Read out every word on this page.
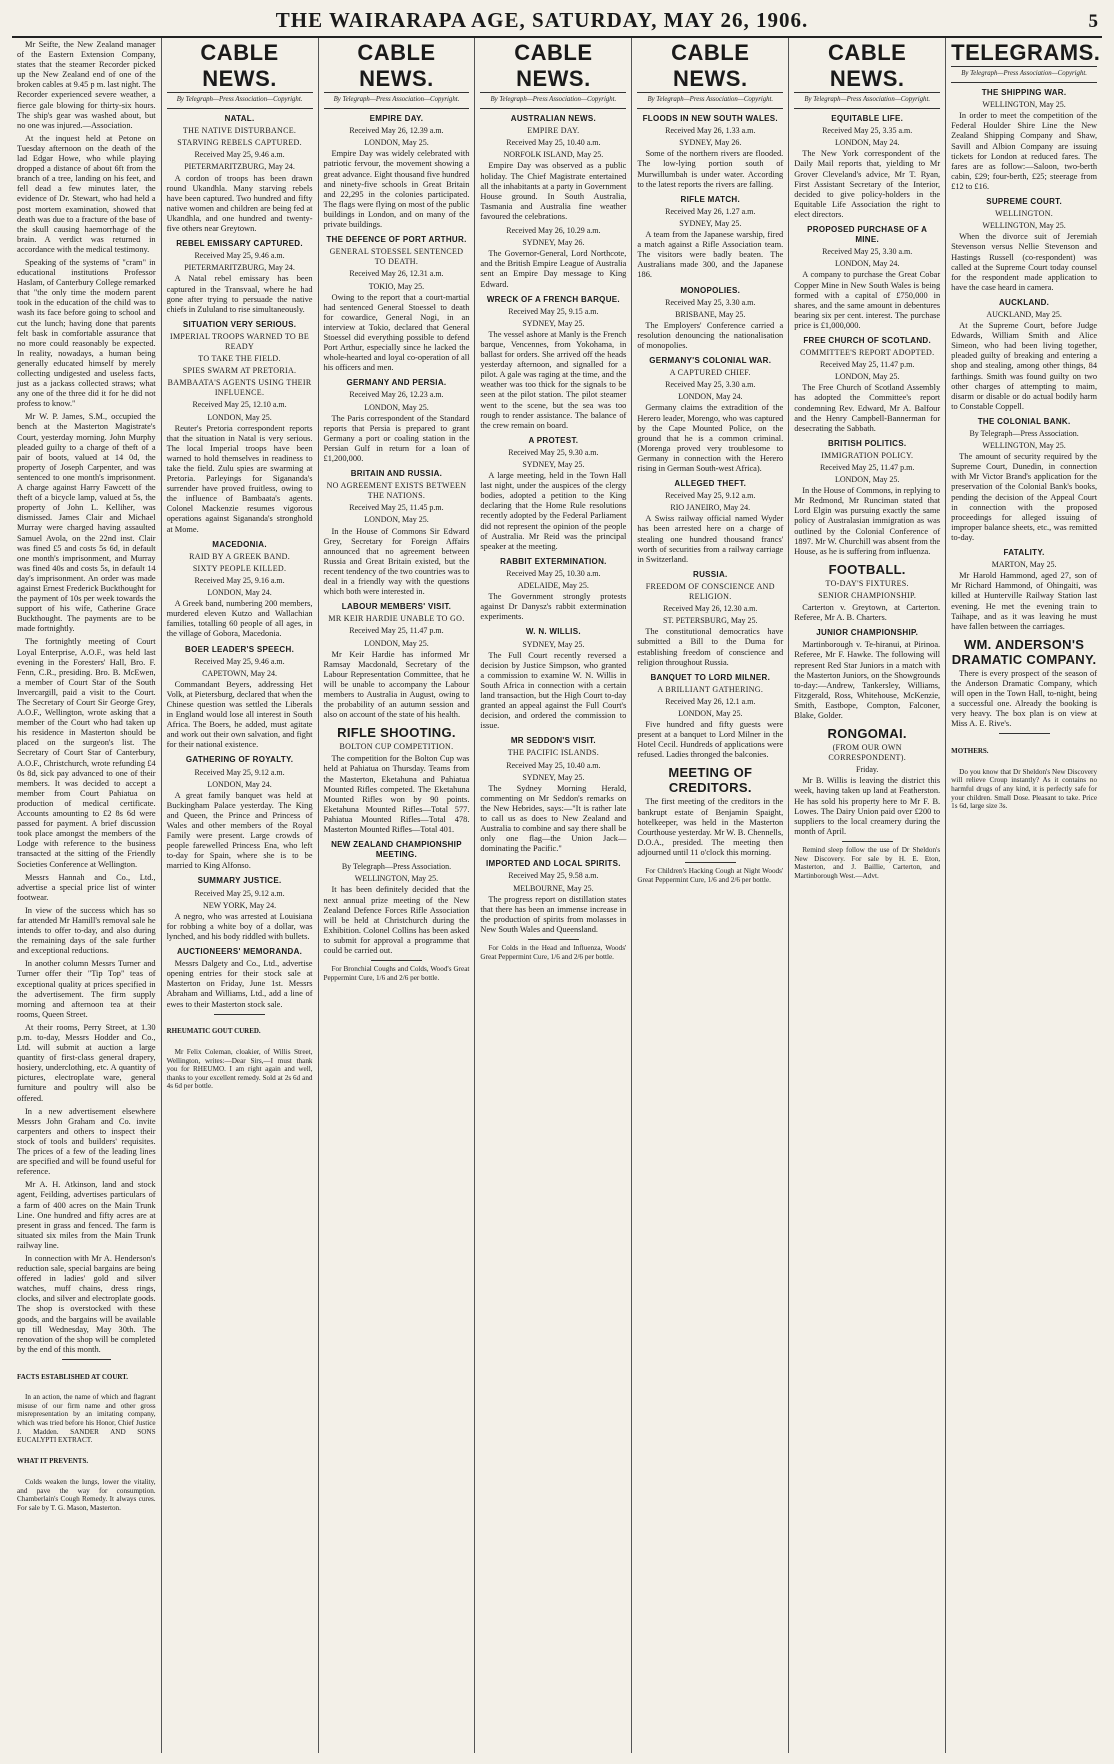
THE WAIRARAPA AGE, SATURDAY, MAY 26, 1906.	5

Mr Seifte, the New Zealand manager of the Eastern Extension Company, states that the steamer Recorder picked up the New Zealand end of one of the broken cables at 9.45 p m. last night. The Recorder experienced severe weather, a fierce gale blowing for thirty-six hours. The ship's gear was washed about, but no one was injured.—Association.

At the inquest held at Petone on Tuesday afternoon on the death of the lad Edgar Howe, who while playing dropped a distance of about 6ft from the branch of a tree, landing on his feet, and fell dead a few minutes later, the evidence of Dr. Stewart, who had held a post mortem examination, showed that death was due to a fracture of the base of the skull causing haemorrhage of the brain. A verdict was returned in accordance with the medical testimony.

Speaking of the systems of "cram" in educational institutions Professor Haslam, of Canterbury College remarked that "the only time the modern parent took in the education of the child was to wash its face before going to school and cut the lunch; having done that parents felt bask in comfortable assurance that no more could reasonably be expected. In reality, nowadays, a human being generally educated himself by merely collecting undigested and useless facts, just as a jackass collected straws; what any one of the three did it for he did not profess to know."

Mr W. P. James, S.M., occupied the bench at the Masterton Magistrate's Court, yesterday morning. John Murphy pleaded guilty to a charge of theft of a pair of boots, valued at 14 0d, the property of Joseph Carpenter, and was sentenced to one month's imprisonment. A charge against Harry Fawcett of the theft of a bicycle lamp, valued at 5s, the property of John L. Kelliher, was dismissed. James Clair and Michael Murray were charged having assaulted Samuel Avola, on the 22nd inst. Clair was fined £5 and costs 5s 6d, in default one month's imprisonment, and Murray was fined 40s and costs 5s, in default 14 day's imprisonment. An order was made against Ernest Frederick Buckthought for the payment of 10s per week towards the support of his wife, Catherine Grace Buckthought. The payments are to be made fortnightly.

The fortnightly meeting of Court Loyal Enterprise, A.O.F., was held last evening in the Foresters' Hall, Bro. F. Fenn, C.R., presiding. Bro. B. McEwen, a member of Court Star of the South Invercargill, paid a visit to the Court. The Secretary of Court Sir George Grey, A.O.F., Wellington, wrote asking that a member of the Court who had taken up his residence in Masterton should be placed on the surgeon's list. The Secretary of Court Star of Canterbury, A.O.F., Christchurch, wrote refunding £4 0s 8d, sick pay advanced to one of their members. It was decided to accept a member from Court Pahiatua on production of medical certificate. Accounts amounting to £2 8s 6d were passed for payment. A brief discussion took place amongst the members of the Lodge with reference to the business transacted at the sitting of the Friendly Societies Conference at Wellington.

Messrs Hannah and Co., Ltd., advertise a special price list of winter footwear.

In view of the success which has so far attended Mr Hamill's removal sale he intends to offer to-day, and also during the remaining days of the sale further and exceptional reductions.

In another column Messrs Turner and Turner offer their "Tip Top" teas of exceptional quality at prices specified in the advertisement. The firm supply morning and afternoon tea at their rooms, Queen Street.

At their rooms, Perry Street, at 1.30 p.m. to-day, Messrs Hodder and Co., Ltd. will submit at auction a large quantity of first-class general drapery, hosiery, underclothing, etc. A quantity of pictures, electroplate ware, general furniture and poultry will also be offered.

In a new advertisement elsewhere Messrs John Graham and Co. invite carpenters and others to inspect their stock of tools and builders' requisites. The prices of a few of the leading lines are specified and will be found useful for reference.

Mr A. H. Atkinson, land and stock agent, Feilding, advertises particulars of a farm of 400 acres on the Main Trunk Line. One hundred and fifty acres are at present in grass and fenced. The farm is situated six miles from the Main Trunk railway line.

In connection with Mr A. Henderson's reduction sale, special bargains are being offered in ladies' gold and silver watches, muff chains, dress rings, clocks, and silver and electroplate goods. The shop is overstocked with these goods, and the bargains will be available up till Wednesday, May 30th. The renovation of the shop will be completed by the end of this month.

FACTS ESTABLISHED AT COURT.

In an action, the name of which and flagrant misuse of our firm name and other gross misrepresentation by an imitating company, which was tried before his Honor, Chief Justice J. Madden. SANDER AND SONS EUCALYPTI EXTRACT.

WHAT IT PREVENTS.

Colds weaken the lungs, lower the vitality, and pave the way for consumption. Chamberlain's Cough Remedy. It always cures. For sale by T. G. Mason, Masterton.

CABLE NEWS.
By Telegraph—Press Association—Copyright.
NATAL.
THE NATIVE DISTURBANCE.
STARVING REBELS CAPTURED.
Received May 25, 9.46 a.m.
PIETERMARITZBURG, May 24.

A cordon of troops has been drawn round Ukandhla. Many starving rebels have been captured. Two hundred and fifty native women and children are being fed at Ukandhla, and one hundred and twenty-five others near Greytown.

REBEL EMISSARY CAPTURED.
Received May 25, 9.46 a.m.
PIETERMARITZBURG, May 24.

A Natal rebel emissary has been captured in the Transvaal, where he had gone after trying to persuade the native chiefs in Zululand to rise simultaneously.

SITUATION VERY SERIOUS.
IMPERIAL TROOPS WARNED TO BE READY
TO TAKE THE FIELD.
SPIES SWARM AT PRETORIA.
BAMBAATA'S AGENTS USING THEIR INFLUENCE.
Received May 25, 12.10 a.m.
LONDON, May 25.

Reuter's Pretoria correspondent reports that the situation in Natal is very serious. The local Imperial troops have been warned to hold themselves in readiness to take the field. Zulu spies are swarming at Pretoria. Parleyings for Sigananda's surrender have proved fruitless, owing to the influence of Bambaata's agents. Colonel Mackenzie resumes vigorous operations against Sigananda's stronghold at Mome.

MACEDONIA.
RAID BY A GREEK BAND.
SIXTY PEOPLE KILLED.
Received May 25, 9.16 a.m.
LONDON, May 24.

A Greek band, numbering 200 members, murdered eleven Kutzo and Wallachian families, totalling 60 people of all ages, in the village of Gobora, Macedonia.

BOER LEADER'S SPEECH.
Received May 25, 9.46 a.m.
CAPETOWN, May 24.

Commandant Beyers, addressing Het Volk, at Pietersburg, declared that when the Chinese question was settled the Liberals in England would lose all interest in South Africa. The Boers, he added, must agitate and work out their own salvation, and fight for their national existence.

GATHERING OF ROYALTY.
Received May 25, 9.12 a.m.
LONDON, May 24.

A great family banquet was held at Buckingham Palace yesterday. The King and Queen, the Prince and Princess of Wales and other members of the Royal Family were present. Large crowds of people farewelled Princess Ena, who left to-day for Spain, where she is to be married to King Alfonso.

SUMMARY JUSTICE.
Received May 25, 9.12 a.m.
NEW YORK, May 24.

A negro, who was arrested at Louisiana for robbing a white boy of a dollar, was lynched, and his body riddled with bullets.

AUCTIONEERS' MEMORANDA.

Messrs Dalgety and Co., Ltd., advertise opening entries for their stock sale at Masterton on Friday, June 1st. Messrs Abraham and Williams, Ltd., add a line of ewes to their Masterton stock sale.

RHEUMATIC GOUT CURED.

Mr Felix Coleman, cloakier, of Willis Street, Wellington, writes:—Dear Sirs,—I must thank you for RHEUMO. I am right again and well, thanks to your excellent remedy. Sold at 2s 6d and 4s 6d per bottle.

CABLE NEWS.
By Telegraph—Press Association—Copyright.
EMPIRE DAY.
Received May 26, 12.39 a.m.
LONDON, May 25.

Empire Day was widely celebrated with patriotic fervour, the movement showing a great advance. Eight thousand five hundred and ninety-five schools in Great Britain and 22,295 in the colonies participated. The flags were flying on most of the public buildings in London, and on many of the private buildings.

THE DEFENCE OF PORT ARTHUR.
GENERAL STOESSEL SENTENCED TO DEATH.
Received May 26, 12.31 a.m.
TOKIO, May 25.

Owing to the report that a court-martial had sentenced General Stoessel to death for cowardice, General Nogi, in an interview at Tokio, declared that General Stoessel did everything possible to defend Port Arthur, especially since he lacked the whole-hearted and loyal co-operation of all his officers and men.

GERMANY AND PERSIA.
Received May 26, 12.23 a.m.
LONDON, May 25.

The Paris correspondent of the Standard reports that Persia is prepared to grant Germany a port or coaling station in the Persian Gulf in return for a loan of £1,200,000.

BRITAIN AND RUSSIA.
NO AGREEMENT EXISTS BETWEEN THE NATIONS.
Received May 25, 11.45 p.m.
LONDON, May 25.

In the House of Commons Sir Edward Grey, Secretary for Foreign Affairs announced that no agreement between Russia and Great Britain existed, but the recent tendency of the two countries was to deal in a friendly way with the questions which both were interested in.

LABOUR MEMBERS' VISIT.
MR KEIR HARDIE UNABLE TO GO.
Received May 25, 11.47 p.m.
LONDON, May 25.

Mr Keir Hardie has informed Mr Ramsay Macdonald, Secretary of the Labour Representation Committee, that he will be unable to accompany the Labour members to Australia in August, owing to the probability of an autumn session and also on account of the state of his health.

RIFLE SHOOTING.
BOLTON CUP COMPETITION.

The competition for the Bolton Cup was held at Pahiatua on Thursday. Teams from the Masterton, Eketahuna and Pahiatua Mounted Rifles competed. The Eketahuna Mounted Rifles won by 90 points. Eketahuna Mounted Rifles—Total 577. Pahiatua Mounted Rifles—Total 478. Masterton Mounted Rifles—Total 401.

NEW ZEALAND CHAMPIONSHIP MEETING.
By Telegraph—Press Association.
WELLINGTON, May 25.

It has been definitely decided that the next annual prize meeting of the New Zealand Defence Forces Rifle Association will be held at Christchurch during the Exhibition. Colonel Collins has been asked to submit for approval a programme that could be carried out.

For Bronchial Coughs and Colds, Wood's Great Peppermint Cure, 1/6 and 2/6 per bottle.

CABLE NEWS.
By Telegraph—Press Association—Copyright.
AUSTRALIAN NEWS.
EMPIRE DAY.
Received May 25, 10.40 a.m.
NORFOLK ISLAND, May 25.

Empire Day was observed as a public holiday. The Chief Magistrate entertained all the inhabitants at a party in Government House ground. In South Australia, Tasmania and Australia fine weather favoured the celebrations.

Received May 26, 10.29 a.m.
SYDNEY, May 26.

The Governor-General, Lord Northcote, and the British Empire League of Australia sent an Empire Day message to King Edward.

WRECK OF A FRENCH BARQUE.
Received May 25, 9.15 a.m.
SYDNEY, May 25.

The vessel ashore at Manly is the French barque, Vencennes, from Yokohama, in ballast for orders. She arrived off the heads yesterday afternoon, and signalled for a pilot. A gale was raging at the time, and the weather was too thick for the signals to be seen at the pilot station. The pilot steamer went to the scene, but the sea was too rough to render assistance. The balance of the crew remain on board.

A PROTEST.
Received May 25, 9.30 a.m.
SYDNEY, May 25.

A large meeting, held in the Town Hall last night, under the auspices of the clergy bodies, adopted a petition to the King declaring that the Home Rule resolutions recently adopted by the Federal Parliament did not represent the opinion of the people of Australia. Mr Reid was the principal speaker at the meeting.

RABBIT EXTERMINATION.
Received May 25, 10.30 a.m.
ADELAIDE, May 25.

The Government strongly protests against Dr Danysz's rabbit extermination experiments.

W. N. WILLIS.
SYDNEY, May 25.

The Full Court recently reversed a decision by Justice Simpson, who granted a commission to examine W. N. Willis in South Africa in connection with a certain land transaction, but the High Court to-day granted an appeal against the Full Court's decision, and ordered the commission to issue.

MR SEDDON'S VISIT.
THE PACIFIC ISLANDS.
Received May 25, 10.40 a.m.
SYDNEY, May 25.

The Sydney Morning Herald, commenting on Mr Seddon's remarks on the New Hebrides, says:—"It is rather late to call us as does to New Zealand and Australia to combine and say there shall be only one flag—the Union Jack—dominating the Pacific."

IMPORTED AND LOCAL SPIRITS.
Received May 25, 9.58 a.m.
MELBOURNE, May 25.

The progress report on distillation states that there has been an immense increase in the production of spirits from molasses in New South Wales and Queensland.

For Colds in the Head and Influenza, Woods' Great Peppermint Cure, 1/6 and 2/6 per bottle.

CABLE NEWS.
By Telegraph—Press Association—Copyright.
FLOODS IN NEW SOUTH WALES.
Received May 26, 1.33 a.m.
SYDNEY, May 26.

Some of the northern rivers are flooded. The low-lying portion south of Murwillumbah is under water. According to the latest reports the rivers are falling.

RIFLE MATCH.
Received May 26, 1.27 a.m.
SYDNEY, May 25.

A team from the Japanese warship, fired a match against a Rifle Association team. The visitors were badly beaten. The Australians made 300, and the Japanese 186.

MONOPOLIES.
Received May 25, 3.30 a.m.
BRISBANE, May 25.

The Employers' Conference carried a resolution denouncing the nationalisation of monopolies.

GERMANY'S COLONIAL WAR.
A CAPTURED CHIEF.
Received May 25, 3.30 a.m.
LONDON, May 24.

Germany claims the extradition of the Herero leader, Morengo, who was captured by the Cape Mounted Police, on the ground that he is a common criminal. (Morenga proved very troublesome to Germany in connection with the Herero rising in German South-west Africa).

ALLEGED THEFT.
Received May 25, 9.12 a.m.
RIO JANEIRO, May 24.

A Swiss railway official named Wyder has been arrested here on a charge of stealing one hundred thousand francs' worth of securities from a railway carriage in Switzerland.

RUSSIA.
FREEDOM OF CONSCIENCE AND RELIGION.
Received May 26, 12.30 a.m.
ST. PETERSBURG, May 25.

The constitutional democratics have submitted a Bill to the Duma for establishing freedom of conscience and religion throughout Russia.

BANQUET TO LORD MILNER.
A BRILLIANT GATHERING.
Received May 26, 12.1 a.m.
LONDON, May 25.

Five hundred and fifty guests were present at a banquet to Lord Milner in the Hotel Cecil. Hundreds of applications were refused. Ladies thronged the balconies.

MEETING OF CREDITORS.

The first meeting of the creditors in the bankrupt estate of Benjamin Spaight, hotelkeeper, was held in the Masterton Courthouse yesterday. Mr W. B. Chennells, D.O.A., presided. The meeting then adjourned until 11 o'clock this morning.

For Children's Hacking Cough at Night Woods' Great Peppermint Cure, 1/6 and 2/6 per bottle.

CABLE NEWS.
By Telegraph—Press Association—Copyright.
EQUITABLE LIFE.
Received May 25, 3.35 a.m.
LONDON, May 24.

The New York correspondent of the Daily Mail reports that, yielding to Mr Grover Cleveland's advice, Mr T. Ryan, First Assistant Secretary of the Interior, decided to give policy-holders in the Equitable Life Association the right to elect directors.

PROPOSED PURCHASE OF A MINE.
Received May 25, 3.30 a.m.
LONDON, May 24.

A company to purchase the Great Cobar Copper Mine in New South Wales is being formed with a capital of £750,000 in shares, and the same amount in debentures bearing six per cent. interest. The purchase price is £1,000,000.

FREE CHURCH OF SCOTLAND.
COMMITTEE'S REPORT ADOPTED.
Received May 25, 11.47 p.m.
LONDON, May 25.

The Free Church of Scotland Assembly has adopted the Committee's report condemning Rev. Edward, Mr A. Balfour and the Henry Campbell-Bannerman for desecrating the Sabbath.

BRITISH POLITICS.
IMMIGRATION POLICY.
Received May 25, 11.47 p.m.
LONDON, May 25.

In the House of Commons, in replying to Mr Redmond, Mr Runciman stated that Lord Elgin was pursuing exactly the same policy of Australasian immigration as was outlined by the Colonial Conference of 1897. Mr W. Churchill was absent from the House, as he is suffering from influenza.

FOOTBALL.
TO-DAY'S FIXTURES.
SENIOR CHAMPIONSHIP.

Carterton v. Greytown, at Carterton. Referee, Mr A. B. Charters.

JUNIOR CHAMPIONSHIP.

Martinborough v. Te-hiranui, at Pirinoa. Referee, Mr F. Hawke. The following will represent Red Star Juniors in a match with the Masterton Juniors, on the Showgrounds to-day:—Andrew, Tankersley, Williams, Fitzgerald, Ross, Whitehouse, McKenzie, Smith, Eastbope, Compton, Falconer, Blake, Golder.

RONGOMAI.
(FROM OUR OWN CORRESPONDENT).
Friday.

Mr B. Willis is leaving the district this week, having taken up land at Featherston. He has sold his property here to Mr F. B. Lowes. The Dairy Union paid over £200 to suppliers to the local creamery during the month of April.

Remind sleep follow the use of Dr Sheldon's New Discovery. For sale by H. E. Eton, Masterton, and J. Baillie, Carterton, and Martinborough West.—Advt.

TELEGRAMS.
By Telegraph—Press Association—Copyright.
THE SHIPPING WAR.
WELLINGTON, May 25.

In order to meet the competition of the Federal Houlder Shire Line the New Zealand Shipping Company and Shaw, Savill and Albion Company are issuing tickets for London at reduced fares. The fares are as follow:—Saloon, two-berth cabin, £29; four-berth, £25; steerage from £12 to £16.

SUPREME COURT.
WELLINGTON.
WELLINGTON, May 25.

When the divorce suit of Jeremiah Stevenson versus Nellie Stevenson and Hastings Russell (co-respondent) was called at the Supreme Court today counsel for the respondent made application to have the case heard in camera.

AUCKLAND.
AUCKLAND, May 25.

At the Supreme Court, before Judge Edwards, William Smith and Alice Simeon, who had been living together, pleaded guilty of breaking and entering a shop and stealing, among other things, 84 farthings. Smith was found guilty on two other charges of attempting to maim, disarm or disable or do actual bodily harm to Constable Coppell.

THE COLONIAL BANK.
By Telegraph—Press Association.
WELLINGTON, May 25.

The amount of security required by the Supreme Court, Dunedin, in connection with Mr Victor Brand's application for the preservation of the Colonial Bank's books, pending the decision of the Appeal Court in connection with the proposed proceedings for alleged issuing of improper balance sheets, etc., was remitted to-day.

FATALITY.
MARTON, May 25.

Mr Harold Hammond, aged 27, son of Mr Richard Hammond, of Ohingaiti, was killed at Hunterville Railway Station last evening. He met the evening train to Taihape, and as it was leaving he must have fallen between the carriages.

WM. ANDERSON'S DRAMATIC COMPANY.

There is every prospect of the season of the Anderson Dramatic Company, which will open in the Town Hall, to-night, being a successful one. Already the booking is very heavy. The box plan is on view at Miss A. E. Rive's.

MOTHERS.

Do you know that Dr Sheldon's New Discovery will relieve Croup instantly? As it contains no harmful drugs of any kind, it is perfectly safe for your children. Small Dose. Pleasant to take. Price 1s 6d, large size 3s.
